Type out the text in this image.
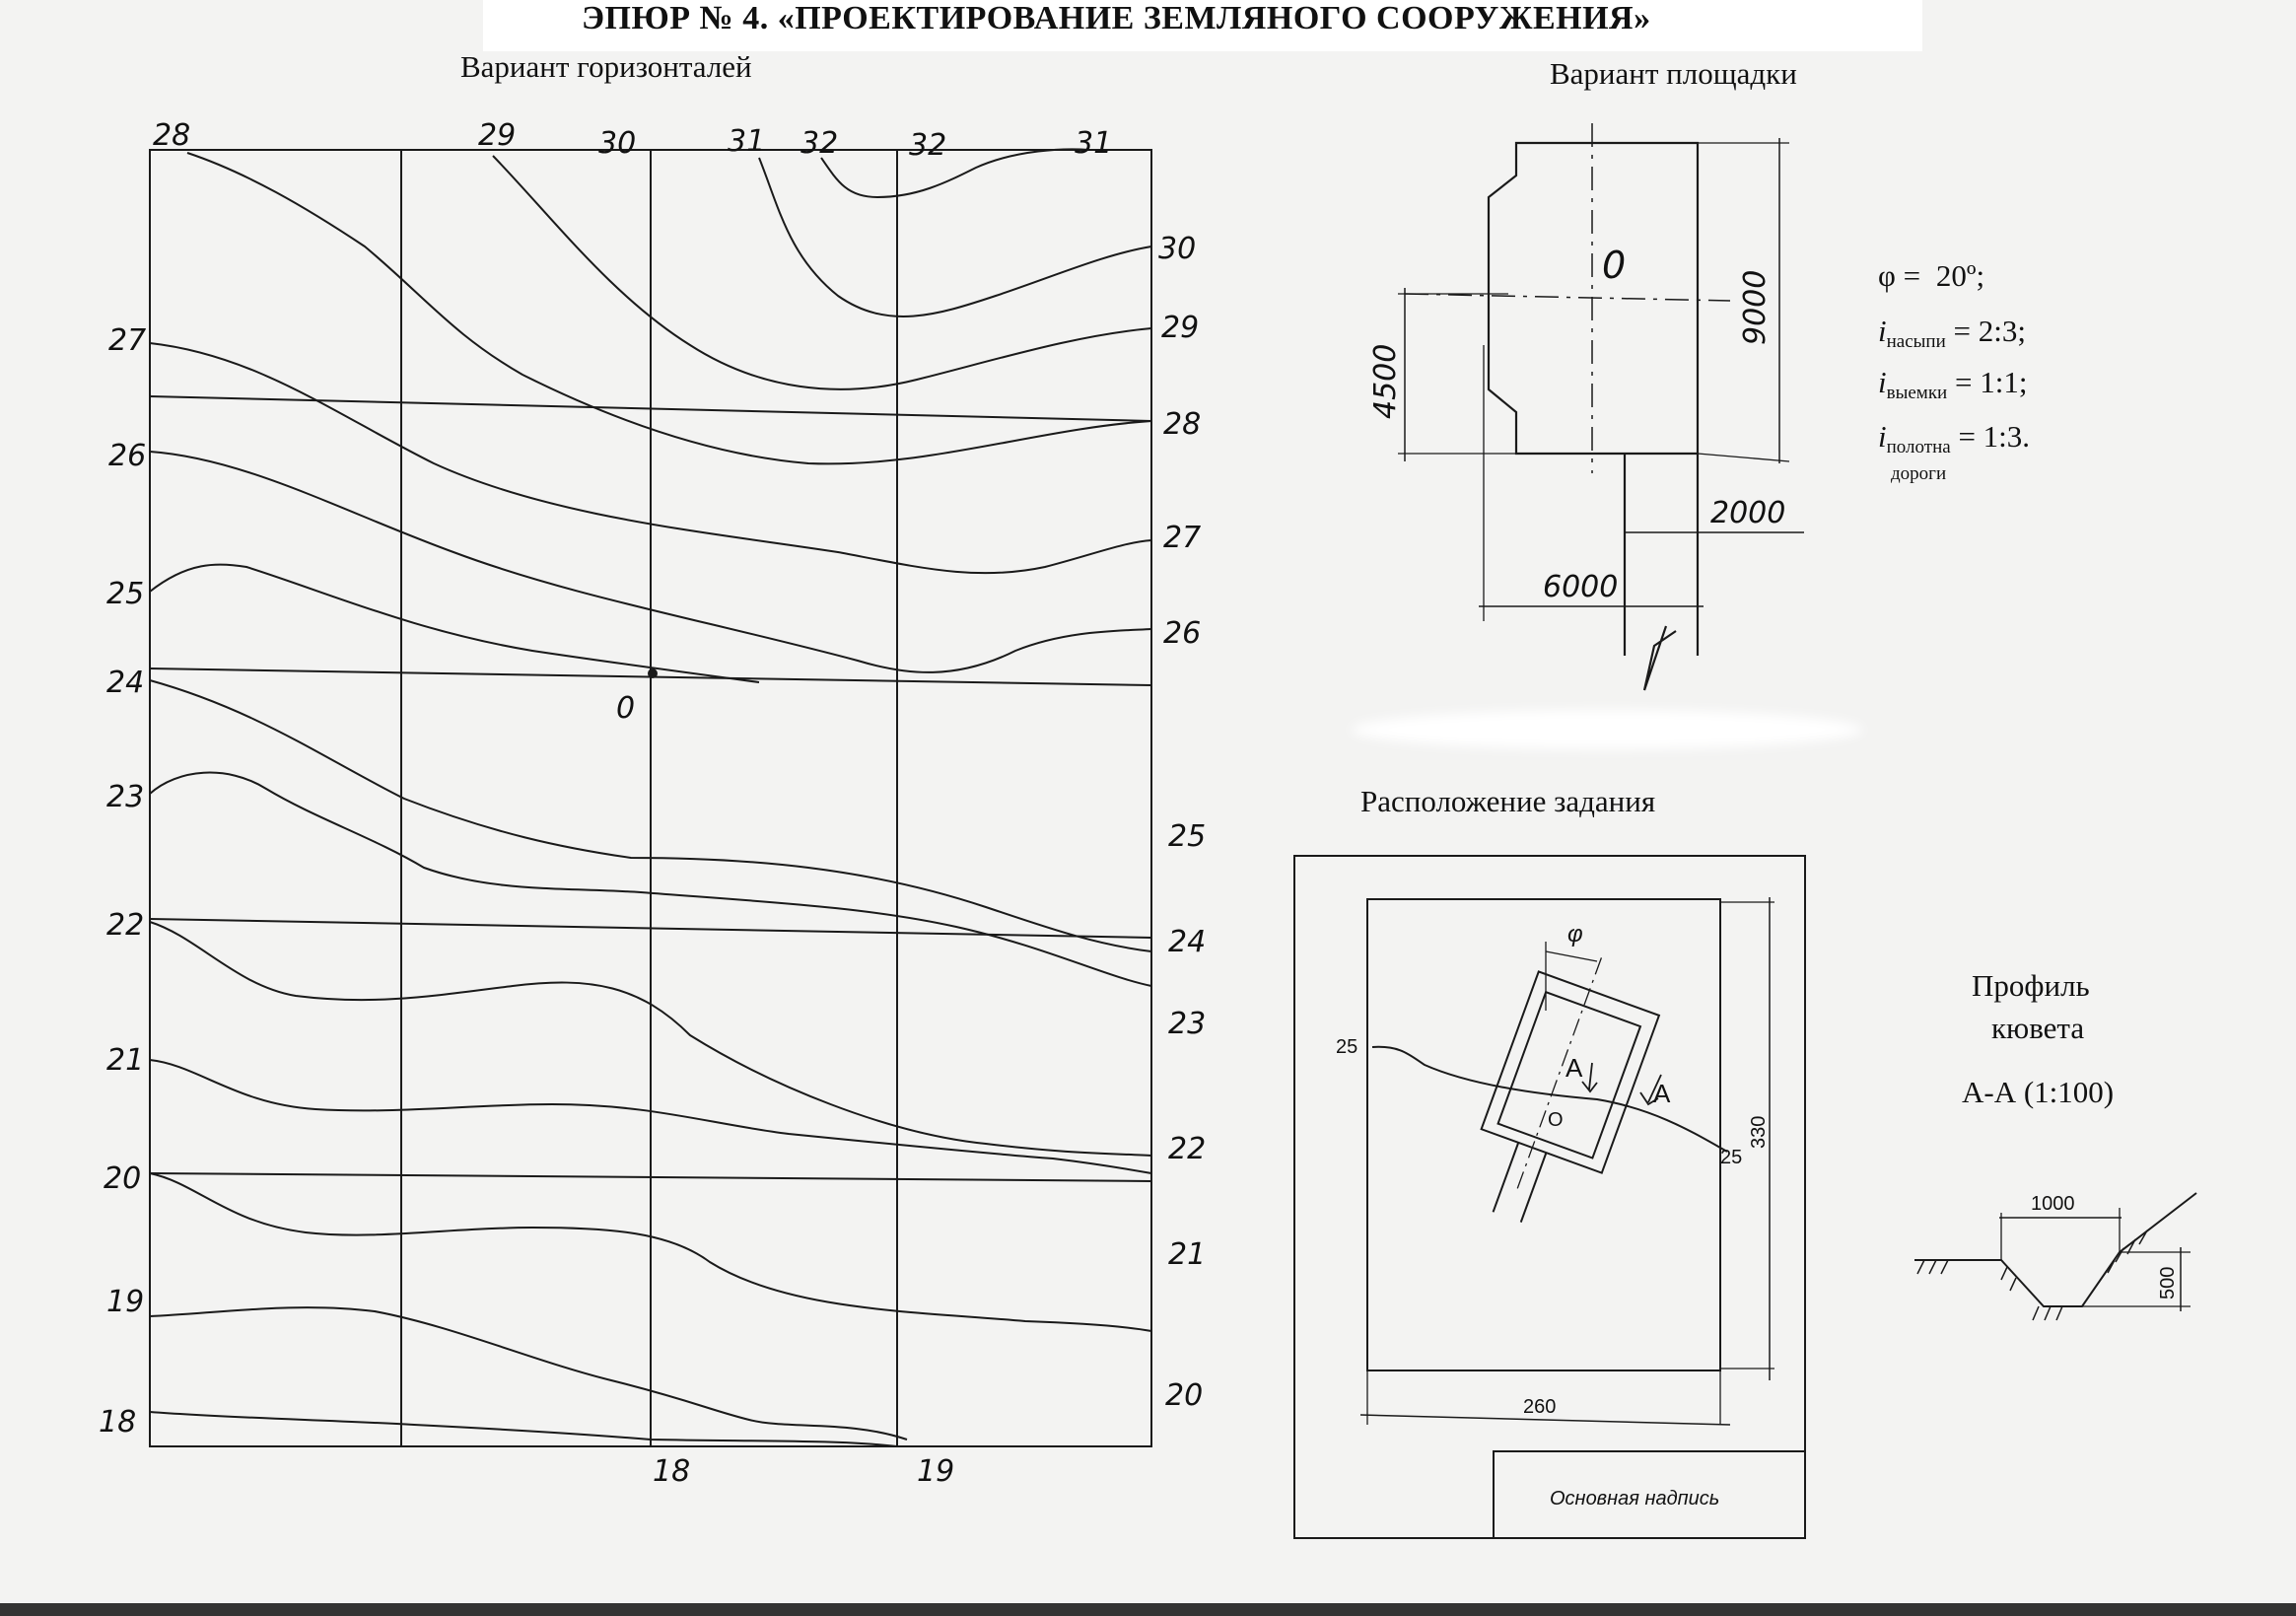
ЭПЮР № 4. «ПРОЕКТИРОВАНИЕ ЗЕМЛЯНОГО СООРУЖЕНИЯ»
Вариант горизонталей
28	29	30	31 32 32	31
27
26
25
24
23
22
21
20
19
18
30
29
28
27
26
25
24
23
22
21
20
18	19
0
0
9000
4500
2000
6000
φ
25
25
A
A
O	330
260
Основная надпись
1000
500
Вариант площадки
φ = 20º;
$i_{насыпи}$ = 2:3;
$i_{выемки}$ = 1:1;
$i_{полотна}$ = 1:3.
дороги
Расположение задания
Профиль
кювета
А-А (1:100)
